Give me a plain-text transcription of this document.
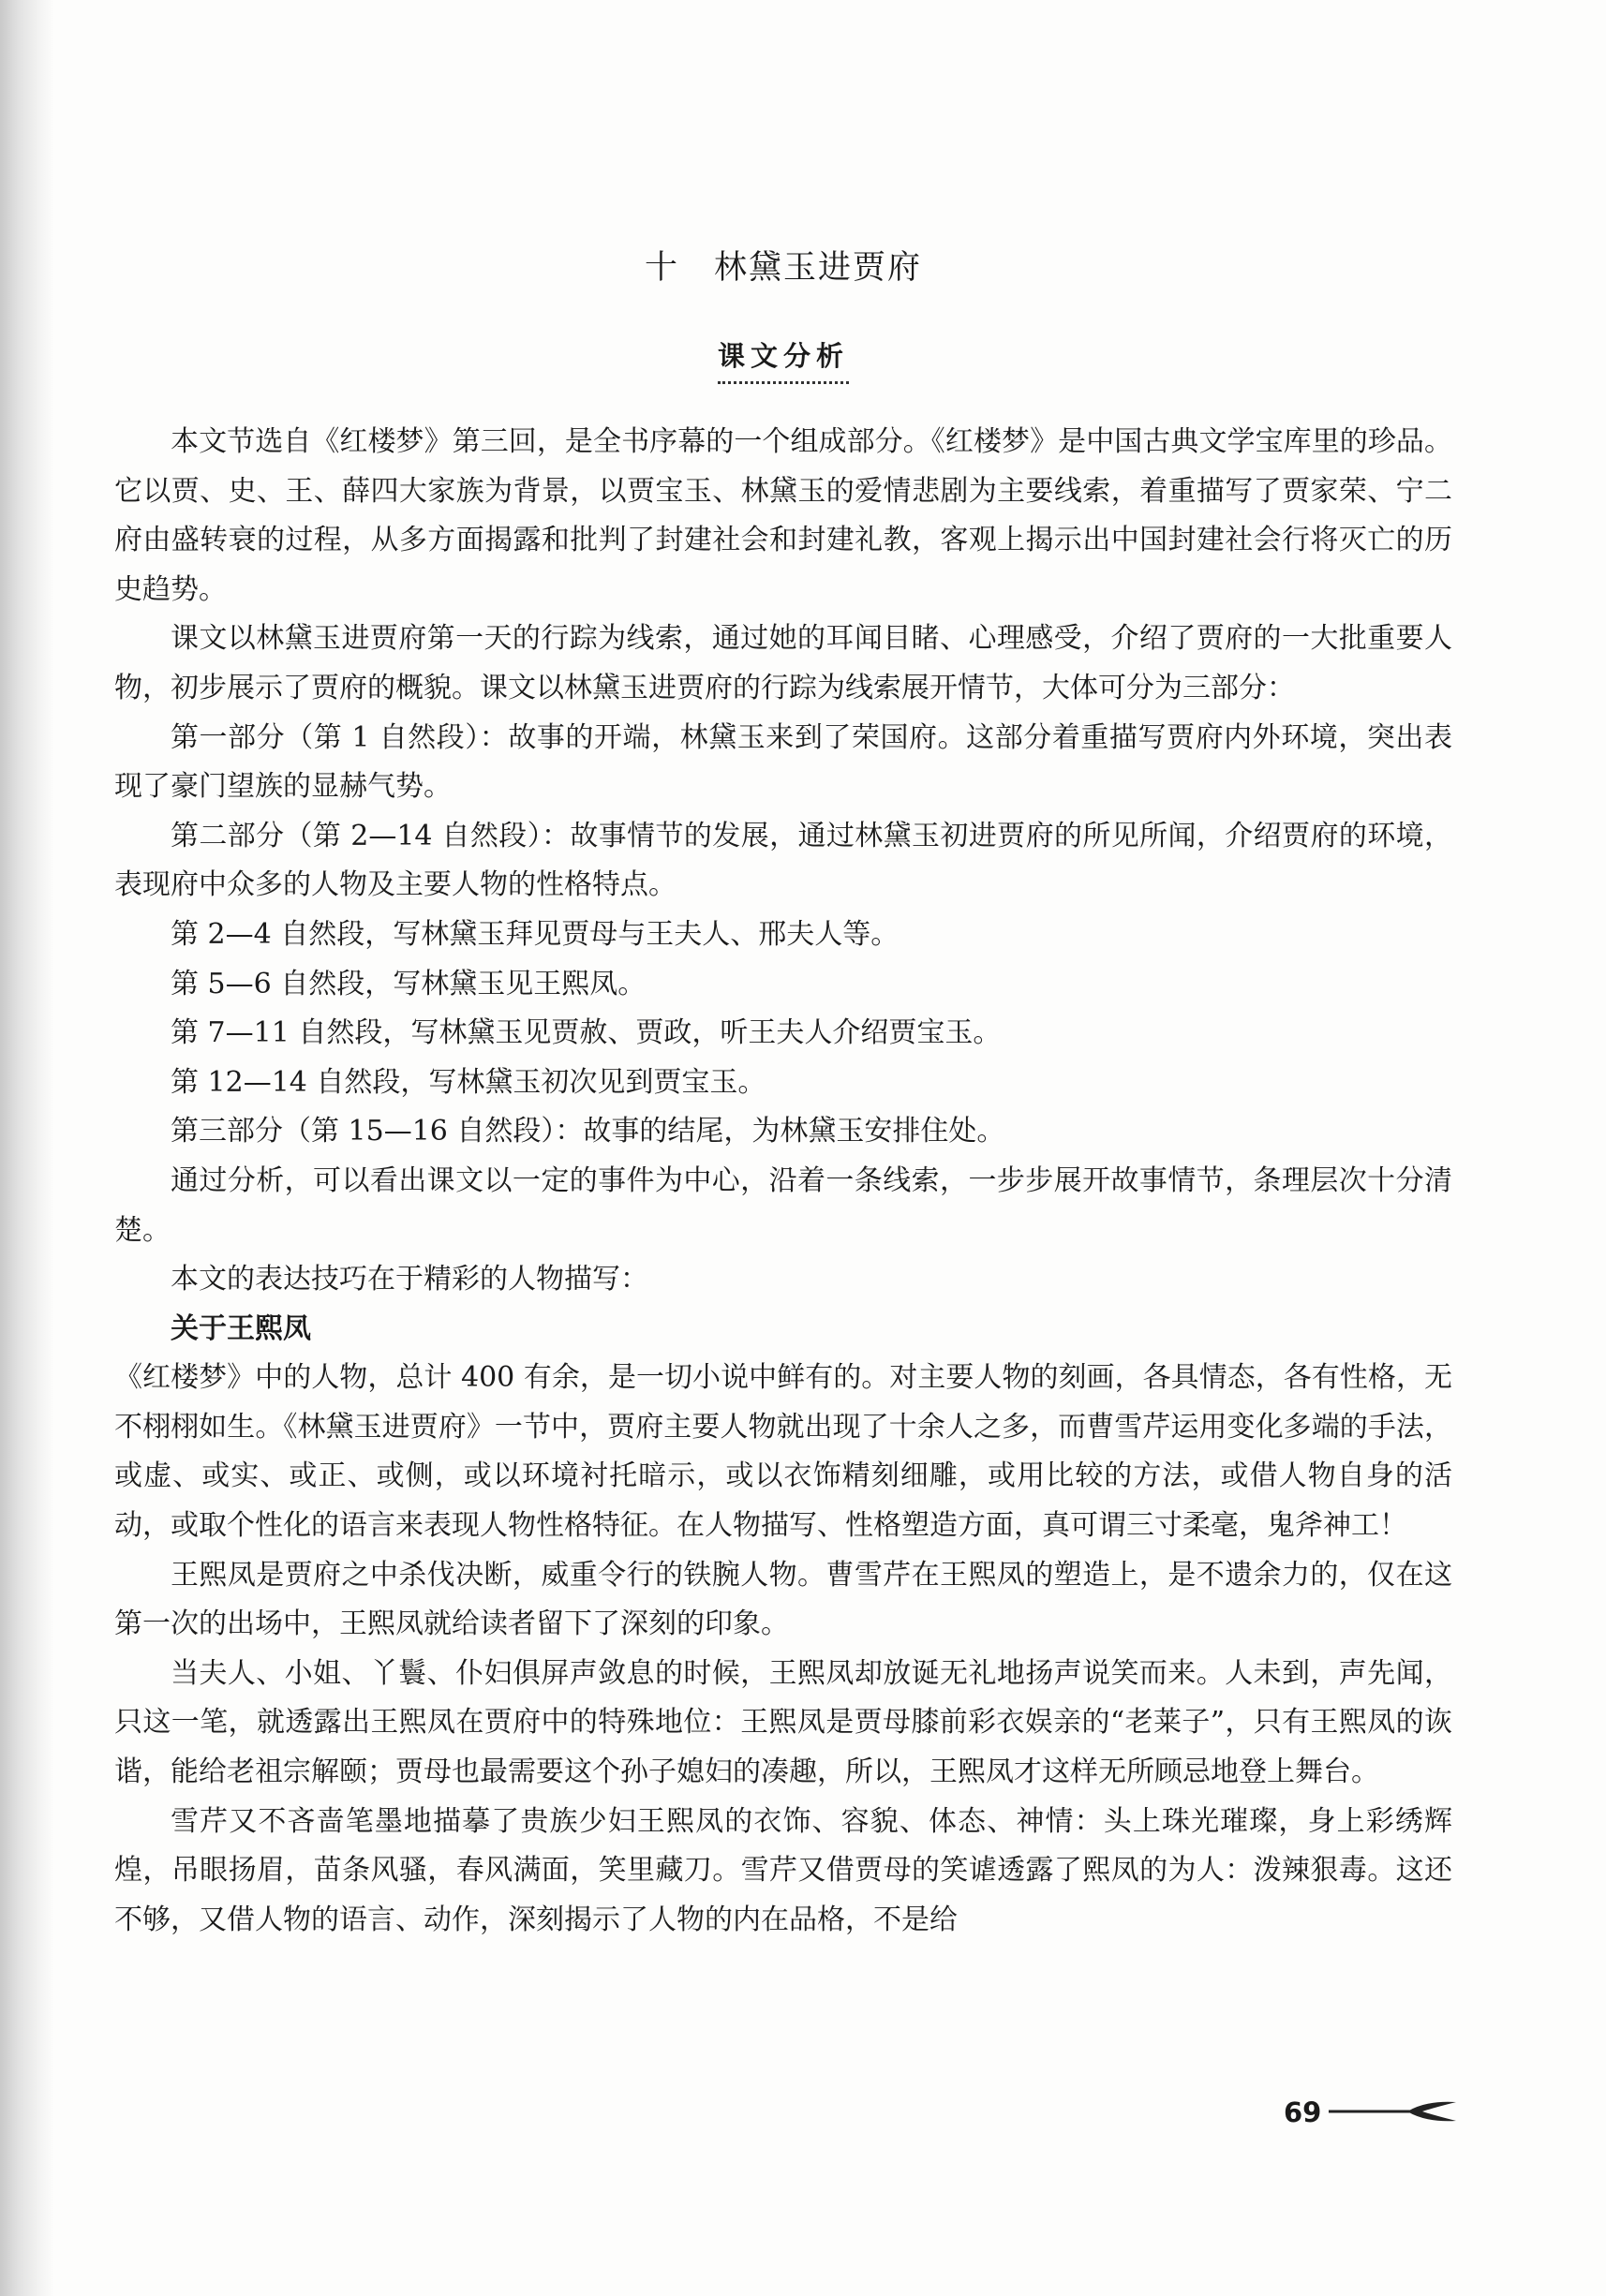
十　林黛玉进贾府
课文分析

本文节选自《红楼梦》第三回，是全书序幕的一个组成部分。《红楼梦》是中国古典文学宝库里的珍品。它以贾、史、王、薛四大家族为背景，以贾宝玉、林黛玉的爱情悲剧为主要线索，着重描写了贾家荣、宁二府由盛转衰的过程，从多方面揭露和批判了封建社会和封建礼教，客观上揭示出中国封建社会行将灭亡的历史趋势。

课文以林黛玉进贾府第一天的行踪为线索，通过她的耳闻目睹、心理感受，介绍了贾府的一大批重要人物，初步展示了贾府的概貌。课文以林黛玉进贾府的行踪为线索展开情节，大体可分为三部分：

第一部分（第 1 自然段）：故事的开端，林黛玉来到了荣国府。这部分着重描写贾府内外环境，突出表现了豪门望族的显赫气势。

第二部分（第 2—14 自然段）：故事情节的发展，通过林黛玉初进贾府的所见所闻，介绍贾府的环境，表现府中众多的人物及主要人物的性格特点。

第 2—4 自然段，写林黛玉拜见贾母与王夫人、邢夫人等。

第 5—6 自然段，写林黛玉见王熙凤。

第 7—11 自然段，写林黛玉见贾赦、贾政，听王夫人介绍贾宝玉。

第 12—14 自然段，写林黛玉初次见到贾宝玉。

第三部分（第 15—16 自然段）：故事的结尾，为林黛玉安排住处。

通过分析，可以看出课文以一定的事件为中心，沿着一条线索，一步步展开故事情节，条理层次十分清楚。

本文的表达技巧在于精彩的人物描写：

关于王熙凤

《红楼梦》中的人物，总计 400 有余，是一切小说中鲜有的。对主要人物的刻画，各具情态，各有性格，无不栩栩如生。《林黛玉进贾府》一节中，贾府主要人物就出现了十余人之多，而曹雪芹运用变化多端的手法，或虚、或实、或正、或侧，或以环境衬托暗示，或以衣饰精刻细雕，或用比较的方法，或借人物自身的活动，或取个性化的语言来表现人物性格特征。在人物描写、性格塑造方面，真可谓三寸柔毫，鬼斧神工！

王熙凤是贾府之中杀伐决断，威重令行的铁腕人物。曹雪芹在王熙凤的塑造上，是不遗余力的，仅在这第一次的出场中，王熙凤就给读者留下了深刻的印象。

当夫人、小姐、丫鬟、仆妇俱屏声敛息的时候，王熙凤却放诞无礼地扬声说笑而来。人未到，声先闻，只这一笔，就透露出王熙凤在贾府中的特殊地位：王熙凤是贾母膝前彩衣娱亲的“老莱子”，只有王熙凤的诙谐，能给老祖宗解颐；贾母也最需要这个孙子媳妇的凑趣，所以，王熙凤才这样无所顾忌地登上舞台。

雪芹又不吝啬笔墨地描摹了贵族少妇王熙凤的衣饰、容貌、体态、神情：头上珠光璀璨，身上彩绣辉煌，吊眼扬眉，苗条风骚，春风满面，笑里藏刀。雪芹又借贾母的笑谑透露了熙凤的为人：泼辣狠毒。这还不够，又借人物的语言、动作，深刻揭示了人物的内在品格，不是给

69
